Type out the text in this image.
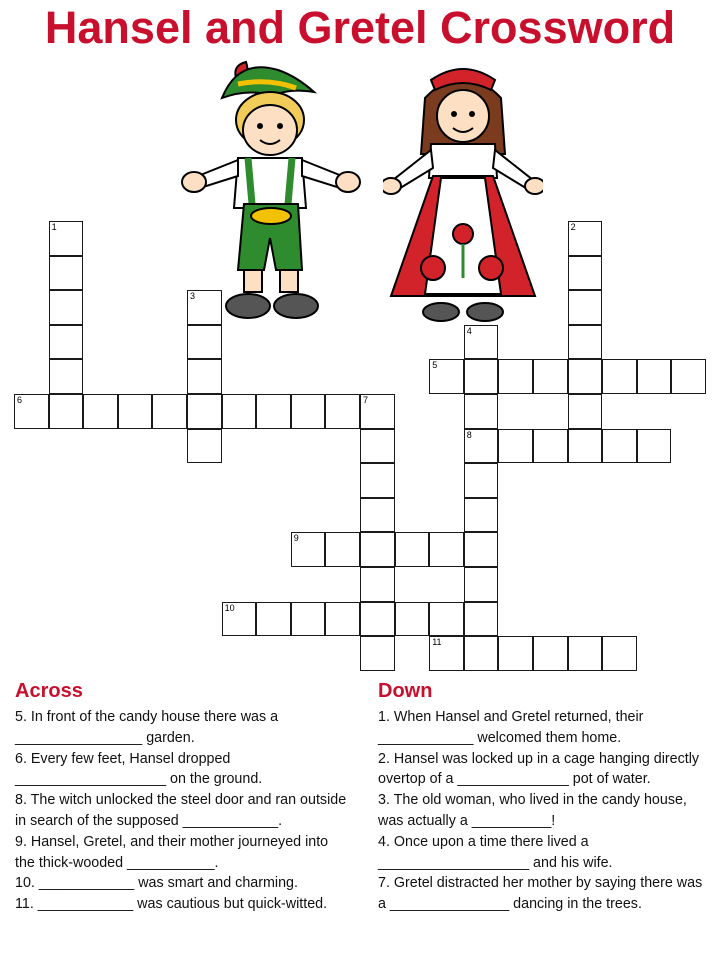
Hansel and Gretel Crossword
1	2
3
4
5
6	7
8
9
10
11
Across
5. In front of the candy house there was a ________________ garden.
6. Every few feet, Hansel dropped ___________________ on the ground.
8. The witch unlocked the steel door and ran outside in search of the supposed ____________.
9. Hansel, Gretel, and their mother journeyed into the thick-wooded ___________.
10. ____________ was smart and charming.
11. ____________ was cautious but quick-witted.
Down
1. When Hansel and Gretel returned, their ____________ welcomed them home.
2. Hansel was locked up in a cage hanging directly overtop of a ______________ pot of water.
3. The old woman, who lived in the candy house, was actually a __________!
4. Once upon a time there lived a ___________________ and his wife.
7. Gretel distracted her mother by saying there was a _______________ dancing in the trees.
